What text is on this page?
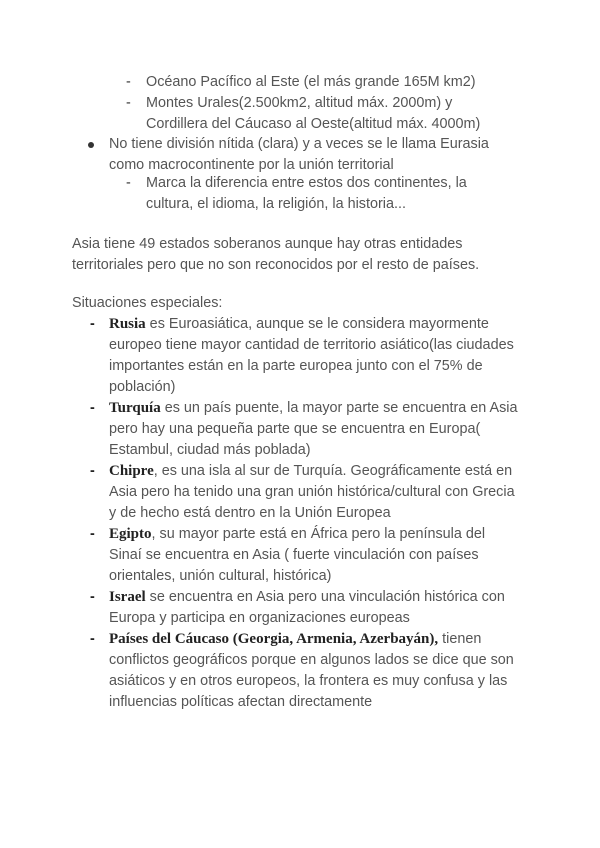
- Océano Pacífico al Este (el más grande 165M km2)
- Montes Urales(2.500km2, altitud máx. 2000m) y Cordillera del Cáucaso al Oeste(altitud máx. 4000m)
No tiene división nítida (clara) y a veces se le llama Eurasia como macrocontinente por la unión territorial
- Marca la diferencia entre estos dos continentes, la cultura, el idioma, la religión, la historia...
Asia tiene 49 estados soberanos aunque hay otras entidades territoriales pero que no son reconocidos por el resto de países.
Situaciones especiales:
- Rusia es Euroasiática, aunque se le considera mayormente europeo tiene mayor cantidad de territorio asiático(las ciudades importantes están en la parte europea junto con el 75% de población)
- Turquía es un país puente, la mayor parte se encuentra en Asia pero hay una pequeña parte que se encuentra en Europa( Estambul, ciudad más poblada)
- Chipre, es una isla al sur de Turquía. Geográficamente está en Asia pero ha tenido una gran unión histórica/cultural con Grecia y de hecho está dentro en la Unión Europea
- Egipto, su mayor parte está en África pero la península del Sinaí se encuentra en Asia ( fuerte vinculación con países orientales, unión cultural, histórica)
- Israel se encuentra en Asia pero una vinculación histórica con Europa y participa en organizaciones europeas
- Países del Cáucaso (Georgia, Armenia, Azerbayán), tienen conflictos geográficos porque en algunos lados se dice que son asiáticos y en otros europeos, la frontera es muy confusa y las influencias políticas afectan directamente
